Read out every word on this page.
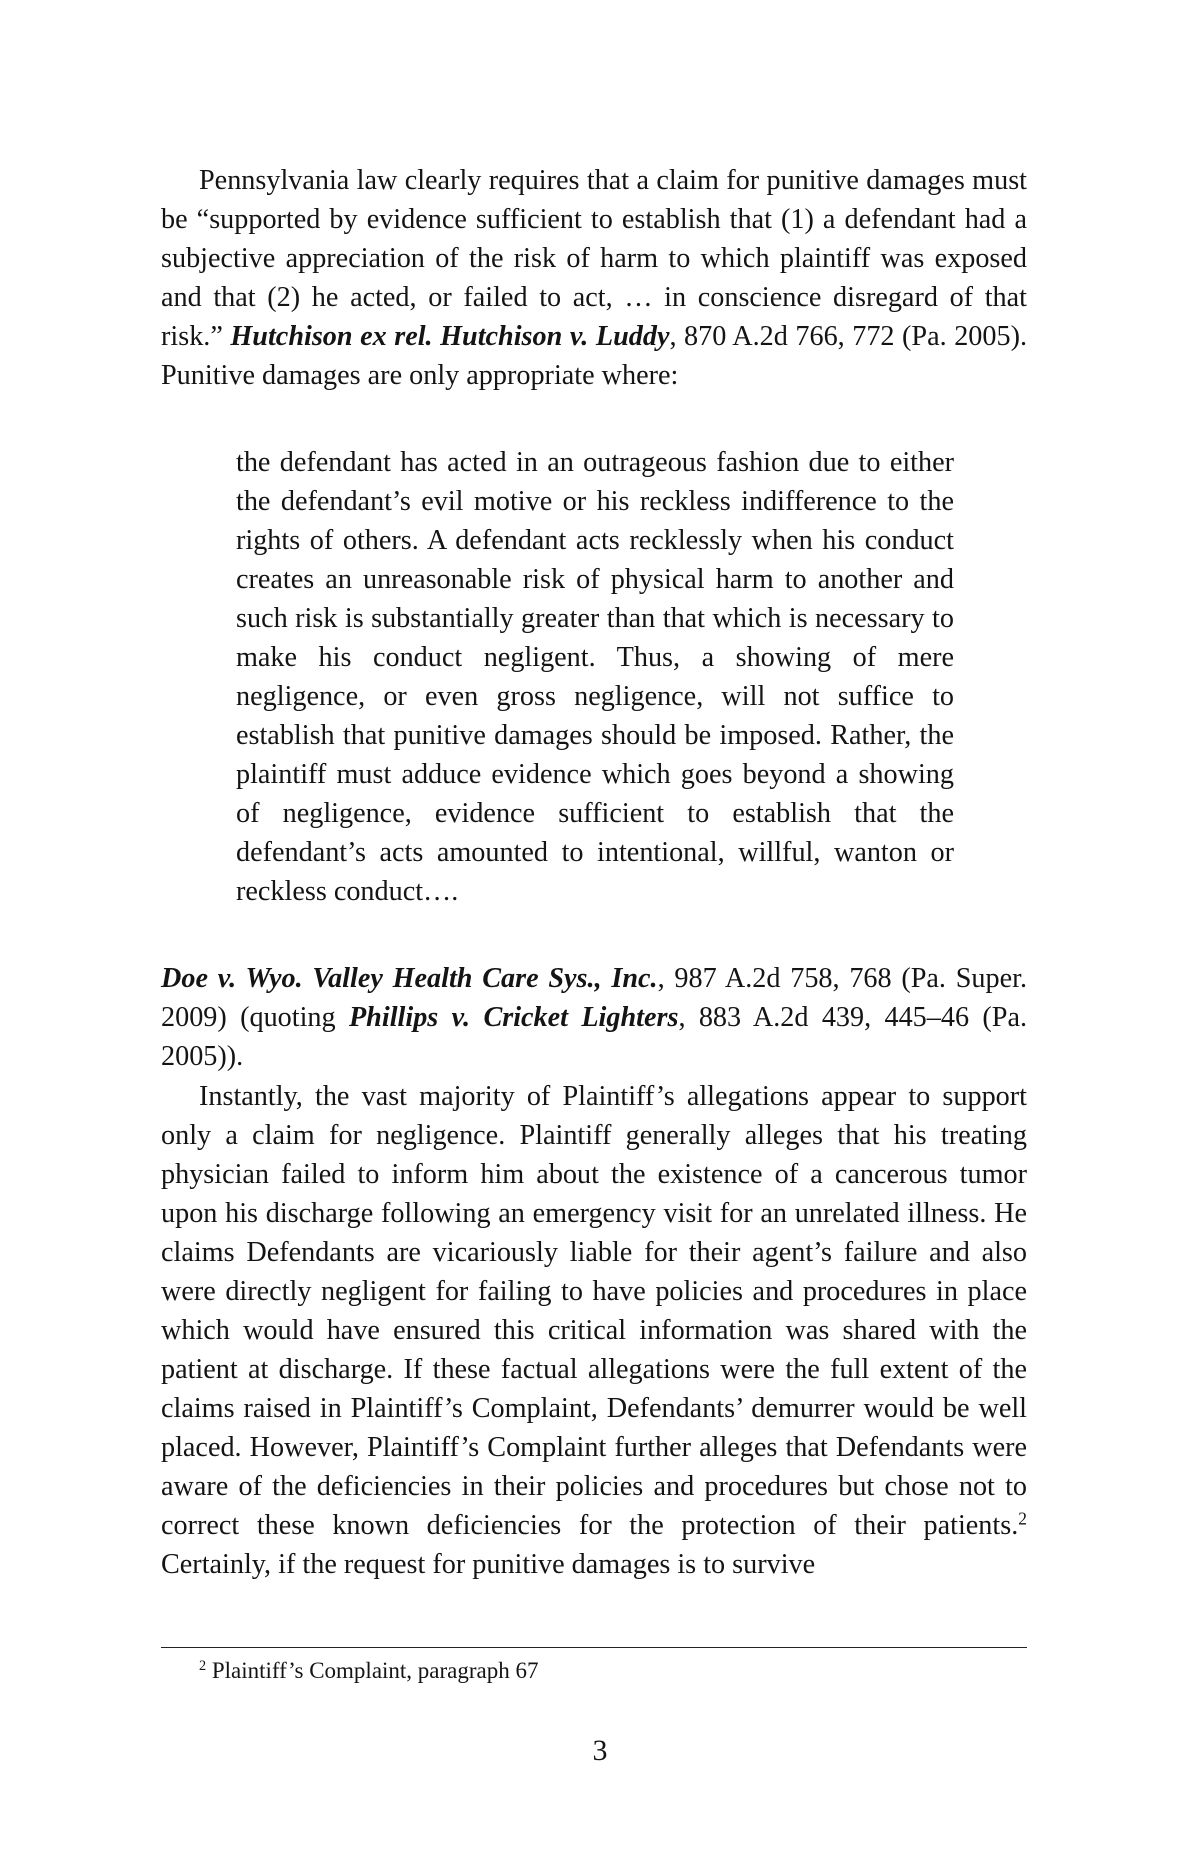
Pennsylvania law clearly requires that a claim for punitive damages must be “supported by evidence sufficient to establish that (1) a defendant had a subjective appreciation of the risk of harm to which plaintiff was exposed and that (2) he acted, or failed to act, … in conscience disregard of that risk.” Hutchison ex rel. Hutchison v. Luddy, 870 A.2d 766, 772 (Pa. 2005). Punitive damages are only appropriate where:

the defendant has acted in an outrageous fashion due to either the defendant’s evil motive or his reckless indifference to the rights of others. A defendant acts recklessly when his conduct creates an unreasonable risk of physical harm to another and such risk is substantially greater than that which is necessary to make his conduct negligent. Thus, a showing of mere negligence, or even gross negligence, will not suffice to establish that punitive damages should be imposed. Rather, the plaintiff must adduce evidence which goes beyond a showing of negligence, evidence sufficient to establish that the defendant’s acts amounted to intentional, willful, wanton or reckless conduct….

Doe v. Wyo. Valley Health Care Sys., Inc., 987 A.2d 758, 768 (Pa. Super. 2009) (quoting Phillips v. Cricket Lighters, 883 A.2d 439, 445–46 (Pa. 2005)).

Instantly, the vast majority of Plaintiff’s allegations appear to support only a claim for negligence. Plaintiff generally alleges that his treating physician failed to inform him about the existence of a cancerous tumor upon his discharge following an emergency visit for an unrelated illness. He claims Defendants are vicariously liable for their agent’s failure and also were directly negligent for failing to have policies and procedures in place which would have ensured this critical information was shared with the patient at discharge. If these factual allegations were the full extent of the claims raised in Plaintiff’s Complaint, Defendants’ demurrer would be well placed. However, Plaintiff’s Complaint further alleges that Defendants were aware of the deficiencies in their policies and procedures but chose not to correct these known deficiencies for the protection of their patients.$^2$ Certainly, if the request for punitive damages is to survive

$^2$ Plaintiff’s Complaint, paragraph 67

3
